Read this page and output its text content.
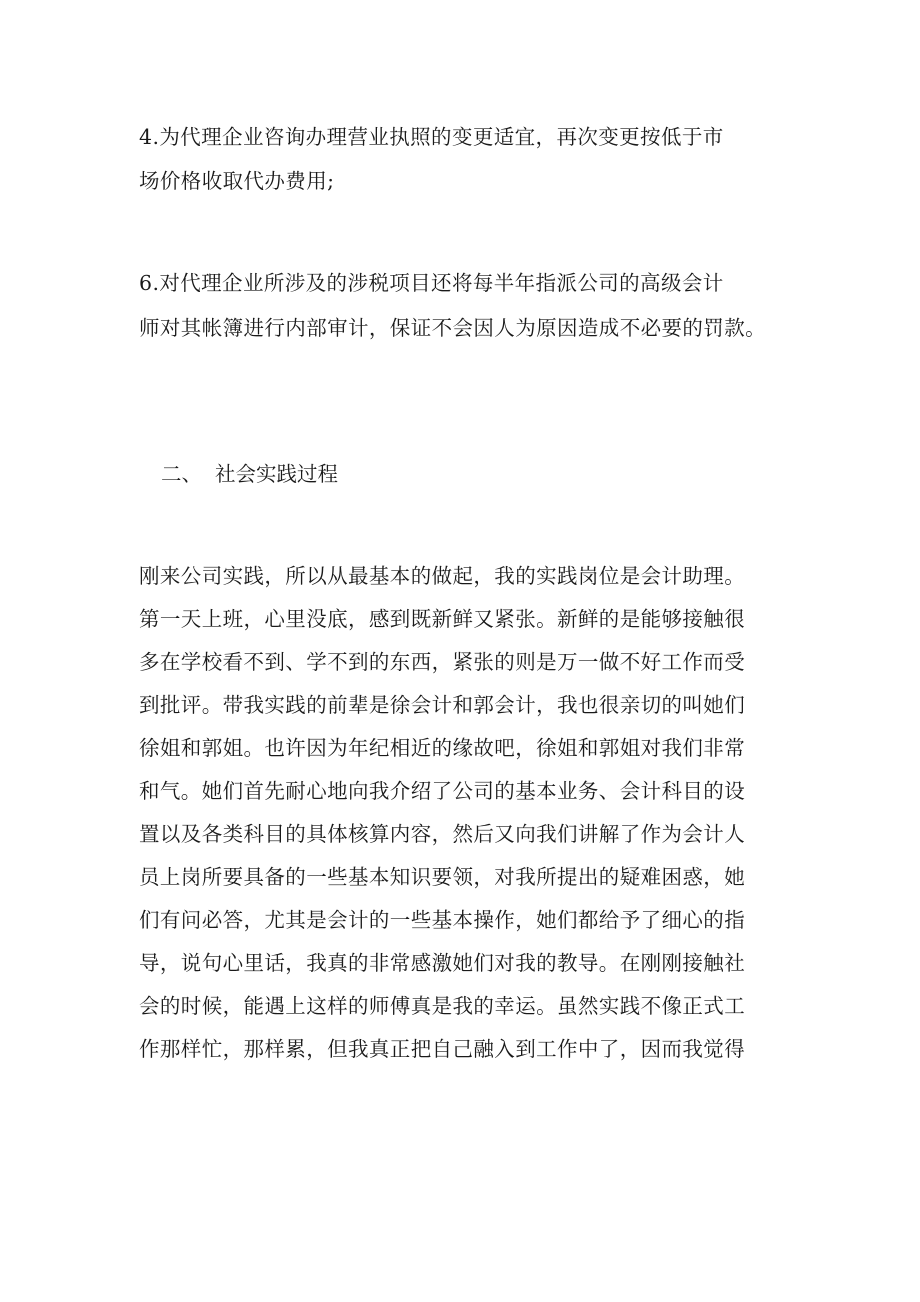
4.为代理企业咨询办理营业执照的变更适宜，再次变更按低于市
场价格收取代办费用;
6.对代理企业所涉及的涉税项目还将每半年指派公司的高级会计
师对其帐簿进行内部审计，保证不会因人为原因造成不必要的罚款。
二、 社会实践过程
刚来公司实践，所以从最基本的做起，我的实践岗位是会计助理。
第一天上班，心里没底，感到既新鲜又紧张。新鲜的是能够接触很
多在学校看不到、学不到的东西，紧张的则是万一做不好工作而受
到批评。带我实践的前辈是徐会计和郭会计，我也很亲切的叫她们
徐姐和郭姐。也许因为年纪相近的缘故吧，徐姐和郭姐对我们非常
和气。她们首先耐心地向我介绍了公司的基本业务、会计科目的设
置以及各类科目的具体核算内容，然后又向我们讲解了作为会计人
员上岗所要具备的一些基本知识要领，对我所提出的疑难困惑，她
们有问必答，尤其是会计的一些基本操作，她们都给予了细心的指
导，说句心里话，我真的非常感激她们对我的教导。在刚刚接触社
会的时候，能遇上这样的师傅真是我的幸运。虽然实践不像正式工
作那样忙，那样累，但我真正把自己融入到工作中了，因而我觉得
